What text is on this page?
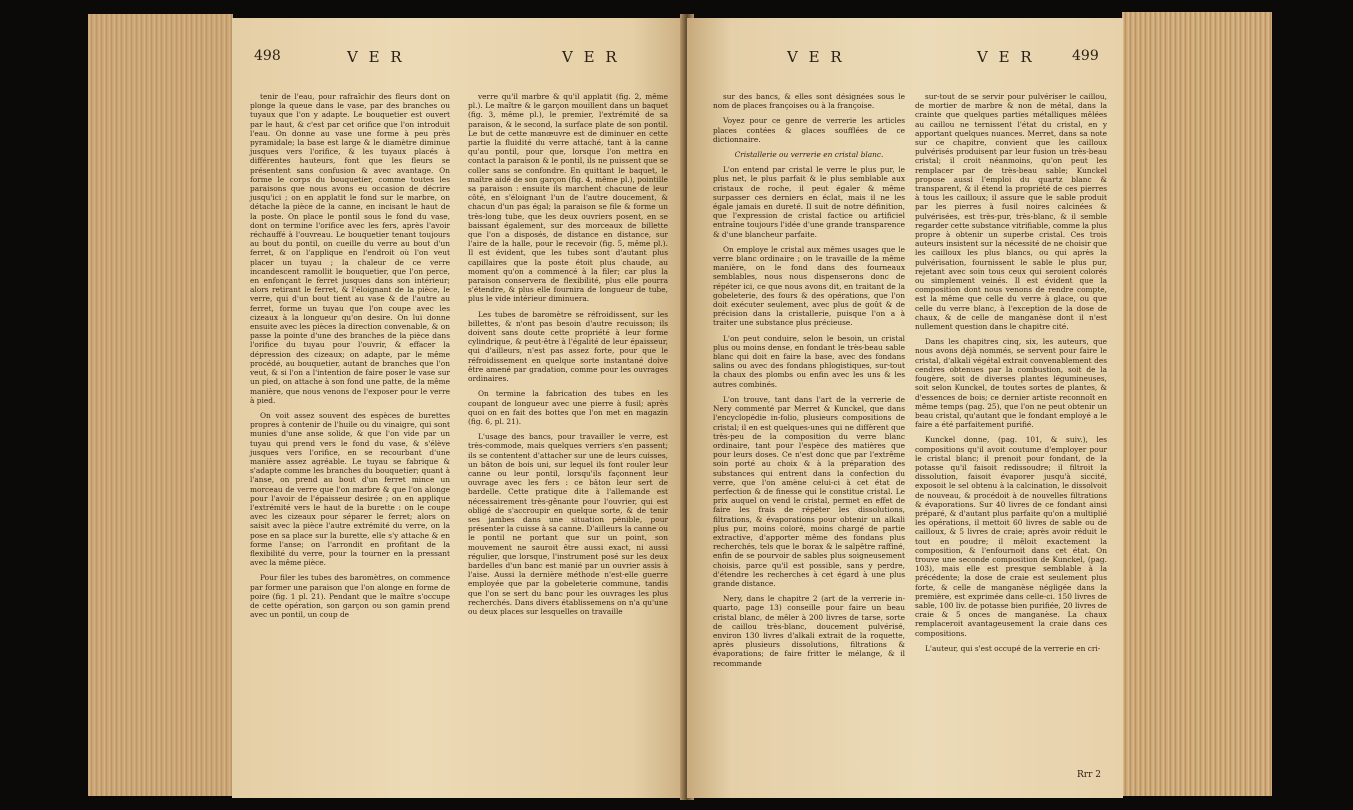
498	V E R	V E R

tenir de l'eau, pour rafraîchir des fleurs dont on plonge la queue dans le vase, par des branches ou tuyaux que l'on y adapte. Le bouquetier est ouvert par le haut, & c'est par cet orifice que l'on introduit l'eau. On donne au vase une forme à peu près pyramidale; la base est large & le diamètre diminue jusques vers l'orifice, & les tuyaux placés à différentes hauteurs, font que les fleurs se présentent sans confusion & avec avantage. On forme le corps du bouquetier, comme toutes les paraisons que nous avons eu occasion de décrire jusqu'ici ; on en applatit le fond sur le marbre, on détache la pièce de la canne, en incisant le haut de la poste. On place le pontil sous le fond du vase, dont on termine l'orifice avec les fers, après l'avoir réchauffé à l'ouvreau. Le bouquetier tenant toujours au bout du pontil, on cueille du verre au bout d'un ferret, & on l'applique en l'endroit où l'on veut placer un tuyau ; la chaleur de ce verre incandescent ramollit le bouquetier, que l'on perce, en enfonçant le ferret jusques dans son intérieur; alors retirant le ferret, & l'éloignant de la pièce, le verre, qui d'un bout tient au vase & de l'autre au ferret, forme un tuyau que l'on coupe avec les cizeaux à la longueur qu'on desire. On lui donne ensuite avec les pièces la direction convenable, & on passe la pointe d'une des branches de la pièce dans l'orifice du tuyau pour l'ouvrir, & effacer la dépression des cizeaux; on adapte, par le même procédé, au bouquetier, autant de branches que l'on veut, & si l'on a l'intention de faire poser le vase sur un pied, on attache à son fond une patte, de la même manière, que nous venons de l'exposer pour le verre à pied.

On voit assez souvent des espèces de burettes propres à contenir de l'huile ou du vinaigre, qui sont munies d'une anse solide, & que l'on vide par un tuyau qui prend vers le fond du vase, & s'élève jusques vers l'orifice, en se recourbant d'une manière assez agréable. Le tuyau se fabrique & s'adapte comme les branches du bouquetier; quant à l'anse, on prend au bout d'un ferret mince un morceau de verre que l'on marbre & que l'on alonge pour l'avoir de l'épaisseur desirée ; on en applique l'extrémité vers le haut de la burette : on le coupe avec les cizeaux pour séparer le ferret; alors on saisit avec la pièce l'autre extrémité du verre, on la pose en sa place sur la burette, elle s'y attache & en forme l'anse; on l'arrondit en profitant de la flexibilité du verre, pour la tourner en la pressant avec la même pièce.

Pour filer les tubes des baromètres, on commence par former une paraison que l'on alonge en forme de poire (fig. 1 pl. 21). Pendant que le maître s'occupe de cette opération, son garçon ou son gamin prend avec un pontil, un coup de

verre qu'il marbre & qu'il applatit (fig. 2, même pl.). Le maître & le garçon mouillent dans un baquet (fig. 3, même pl.), le premier, l'extrémité de sa paraison, & le second, la surface plate de son pontil. Le but de cette manœuvre est de diminuer en cette partie la fluidité du verre attaché, tant à la canne qu'au pontil, pour que, lorsque l'on mettra en contact la paraison & le pontil, ils ne puissent que se coller sans se confondre. En quittant le baquet, le maître aidé de son garçon (fig. 4, même pl.), pointille sa paraison : ensuite ils marchent chacune de leur côté, en s'éloignant l'un de l'autre doucement, & chacun d'un pas égal; la paraison se file & forme un très-long tube, que les deux ouvriers posent, en se baissant également, sur des morceaux de billette que l'on a disposés, de distance en distance, sur l'aire de la halle, pour le recevoir (fig. 5, même pl.). Il est évident, que les tubes sont d'autant plus capillaires que la poste étoit plus chaude, au moment qu'on a commencé à la filer; car plus la paraison conservera de flexibilité, plus elle pourra s'étendre, & plus elle fournira de longueur de tube, plus le vide intérieur diminuera.

Les tubes de baromètre se réfroidissent, sur les billettes, & n'ont pas besoin d'autre recuisson; ils doivent sans doute cette propriété à leur forme cylindrique, & peut-être à l'égalité de leur épaisseur, qui d'ailleurs, n'est pas assez forte, pour que le réfroidissement en quelque sorte instantané doive être amené par gradation, comme pour les ouvrages ordinaires.

On termine la fabrication des tubes en les coupant de longueur avec une pierre à fusil; après quoi on en fait des bottes que l'on met en magazin (fig. 6, pl. 21).

L'usage des bancs, pour travailler le verre, est très-commode, mais quelques verriers s'en passent; ils se contentent d'attacher sur une de leurs cuisses, un bâton de bois uni, sur lequel ils font rouler leur canne ou leur pontil, lorsqu'ils façonnent leur ouvrage avec les fers : ce bâton leur sert de bardelle. Cette pratique dite à l'allemande est nécessairement très-gênante pour l'ouvrier, qui est obligé de s'accroupir en quelque sorte, & de tenir ses jambes dans une situation pénible, pour présenter la cuisse à sa canne. D'ailleurs la canne ou le pontil ne portant que sur un point, son mouvement ne sauroit être aussi exact, ni aussi régulier, que lorsque, l'instrument posé sur les deux bardelles d'un banc est manié par un ouvrier assis à l'aise. Aussi la dernière méthode n'est-elle guerre employée que par la gobeleterie commune, tandis que l'on se sert du banc pour les ouvrages les plus recherchés. Dans divers établissemens on n'a qu'une ou deux places sur lesquelles on travaille

V E R	V E R	499

sur des bancs, & elles sont désignées sous le nom de places françoises ou à la françoise.

Voyez pour ce genre de verrerie les articles places contées & glaces soufflées de ce dictionnaire.

Cristallerie ou verrerie en cristal blanc.

L'on entend par cristal le verre le plus pur, le plus net, le plus parfait & le plus semblable aux cristaux de roche, il peut égaler & même surpasser ces derniers en éclat, mais il ne les égale jamais en dureté. Il suit de notre définition, que l'expression de cristal factice ou artificiel entraîne toujours l'idée d'une grande transparence & d'une blancheur parfaite.

On employe le cristal aux mêmes usages que le verre blanc ordinaire ; on le travaille de la même manière, on le fond dans des fourneaux semblables, nous nous dispenserons donc de répéter ici, ce que nous avons dit, en traitant de la gobeleterie, des fours & des opérations, que l'on doit exécuter seulement, avec plus de goût & de précision dans la cristallerie, puisque l'on a à traiter une substance plus précieuse.

L'on peut conduire, selon le besoin, un cristal plus ou moins dense, en fondant le très-beau sable blanc qui doit en faire la base, avec des fondans salins ou avec des fondans phlogistiques, sur-tout la chaux des plombs ou enfin avec les uns & les autres combinés.

L'on trouve, tant dans l'art de la verrerie de Nery commenté par Merret & Kunckel, que dans l'encyclopédie in-folio, plusieurs compositions de cristal; il en est quelques-unes qui ne diffèrent que très-peu de la composition du verre blanc ordinaire, tant pour l'espèce des matières que pour leurs doses. Ce n'est donc que par l'extrême soin porté au choix & à la préparation des substances qui entrent dans la confection du verre, que l'on amène celui-ci à cet état de perfection & de finesse qui le constitue cristal. Le prix auquel on vend le cristal, permet en effet de faire les frais de répéter les dissolutions, filtrations, & évaporations pour obtenir un alkali plus pur, moins coloré, moins chargé de partie extractive, d'apporter même des fondans plus recherchés, tels que le borax & le salpêtre raffiné, enfin de se pourvoir de sables plus soigneusement choisis, parce qu'il est possible, sans y perdre, d'étendre les recherches à cet égard à une plus grande distance.

Nery, dans le chapitre 2 (art de la verrerie in-quarto, page 13) conseille pour faire un beau cristal blanc, de mêler à 200 livres de tarse, sorte de caillou très-blanc, doucement pulvérisé, environ 130 livres d'alkali extrait de la roquette, après plusieurs dissolutions, filtrations & évaporations; de faire fritter le mélange, & il recommande

sur-tout de se servir pour pulvériser le caillou, de mortier de marbre & non de métal, dans la crainte que quelques parties métalliques mêlées au caillou ne ternissent l'état du cristal, en y apportant quelques nuances. Merret, dans sa note sur ce chapitre, convient que les cailloux pulvérisés produisent par leur fusion un très-beau cristal; il croit néanmoins, qu'on peut les remplacer par de très-beau sable; Kunckel propose aussi l'emploi du quartz blanc & transparent, & il étend la propriété de ces pierres à tous les cailloux; il assure que le sable produit par les pierres à fusil noires calcinées & pulvérisées, est très-pur, très-blanc, & il semble regarder cette substance vitrifiable, comme la plus propre à obtenir un superbe cristal. Ces trois auteurs insistent sur la nécessité de ne choisir que les cailloux les plus blancs, ou qui après la pulvérisation, fournissent le sable le plus pur, rejetant avec soin tous ceux qui seroient colorés ou simplement veinés. Il est évident que la composition dont nous venons de rendre compte, est la même que celle du verre à glace, ou que celle du verre blanc, à l'exception de la dose de chaux, & de celle de manganèse dont il n'est nullement question dans le chapitre cité.

Dans les chapitres cinq, six, les auteurs, que nous avons déjà nommés, se servent pour faire le cristal, d'alkali végétal extrait convenablement des cendres obtenues par la combustion, soit de la fougère, soit de diverses plantes légumineuses, soit selon Kunckel, de toutes sortes de plantes, & d'essences de bois; ce dernier artiste reconnoît en même temps (pag. 25), que l'on ne peut obtenir un beau cristal, qu'autant que le fondant employé a le faire a été parfaitement purifié.

Kunckel donne, (pag. 101, & suiv.), les compositions qu'il avoit coutume d'employer pour le cristal blanc; il prenoit pour fondant, de la potasse qu'il faisoit redissoudre; il filtroit la dissolution, faisoit évaporer jusqu'à siccité, exposoit le sel obtenu à la calcination, le dissolvoit de nouveau, & procédoit à de nouvelles filtrations & évaporations. Sur 40 livres de ce fondant ainsi préparé, & d'autant plus parfaite qu'on a multiplié les opérations, il mettoit 60 livres de sable ou de cailloux, & 5 livres de craie; après avoir réduit le tout en poudre; il mêloit exactement la composition, & l'enfournoit dans cet état. On trouve une seconde composition de Kunckel, (pag. 103), mais elle est presque semblable à la précédente; la dose de craie est seulement plus forte, & celle de manganèse négligée dans la première, est exprimée dans celle-ci. 150 livres de sable, 100 liv. de potasse bien purifiée, 20 livres de craie & 5 onces de manganèse. La chaux remplaceroit avantageusement la craie dans ces compositions.

L'auteur, qui s'est occupé de la verrerie en cri-

Rrr 2
